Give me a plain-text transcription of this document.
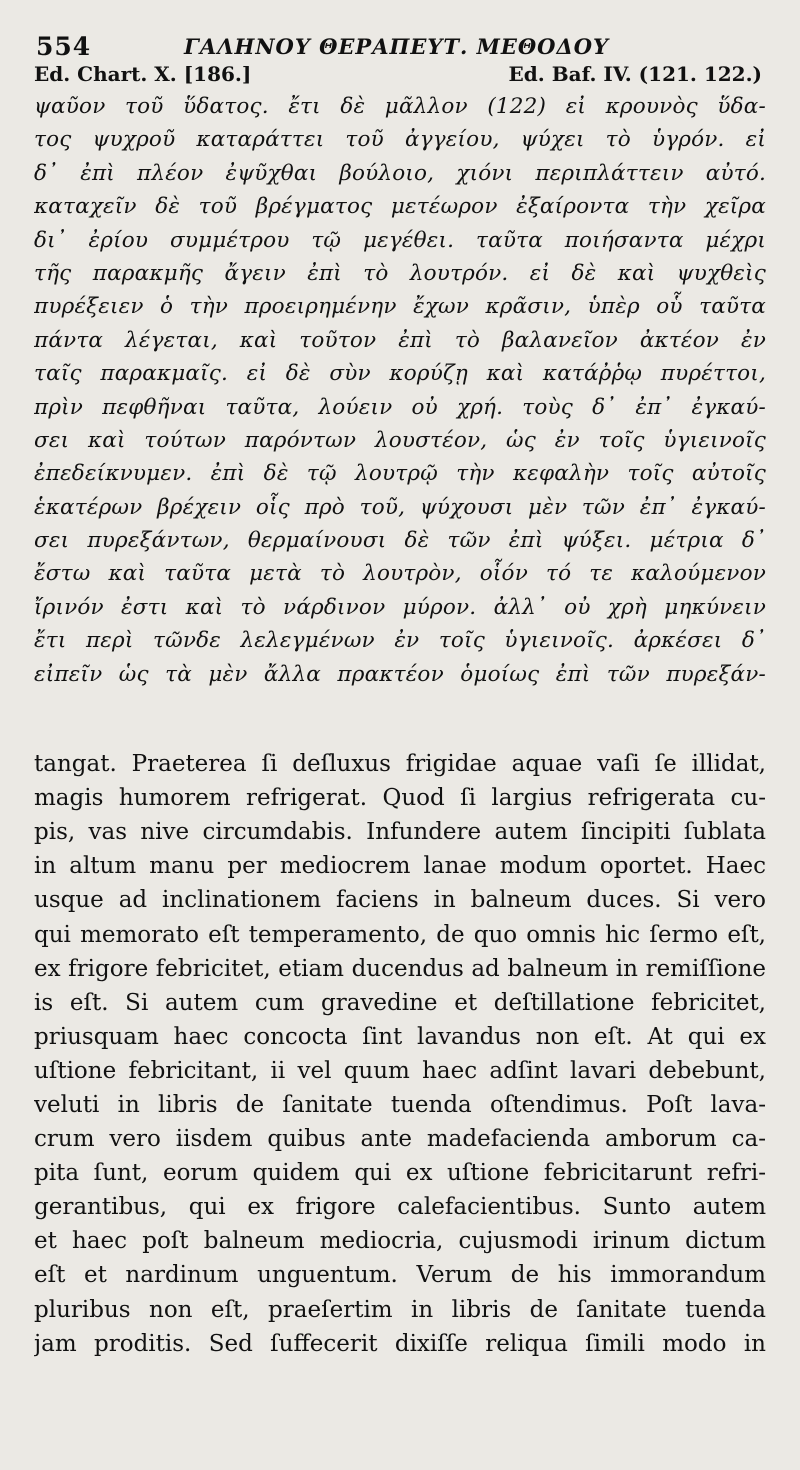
554	ΓΑΛΗΝΟΥ ΘΕΡΑΠΕΥΤ. ΜΕΘΟΔΟΥ
Ed. Chart. X. [186.]	Ed. Baf. IV. (121. 122.)
ψαῦον τοῦ ὕδατος. ἔτι δὲ μᾶλλον (122) εἰ κρουνὸς ὕδα-
τος ψυχροῦ καταράττει τοῦ ἀγγείου, ψύχει τὸ ὑγρόν. εἰ
δ᾿ ἐπὶ πλέον ἐψῦχθαι βούλοιο, χιόνι περιπλάττειν αὐτό.
καταχεῖν δὲ τοῦ βρέγματος μετέωρον ἐξαίροντα τὴν χεῖρα
δι᾿ ἐρίου συμμέτρου τῷ μεγέθει. ταῦτα ποιήσαντα μέχρι
τῆς παρακμῆς ἄγειν ἐπὶ τὸ λουτρόν. εἰ δὲ καὶ ψυχθεὶς
πυρέξειεν ὁ τὴν προειρημένην ἔχων κρᾶσιν, ὑπὲρ οὗ ταῦτα
πάντα λέγεται, καὶ τοῦτον ἐπὶ τὸ βαλανεῖον ἀκτέον ἐν
ταῖς παρακμαῖς. εἰ δὲ σὺν κορύζῃ καὶ κατάῤῥῳ πυρέττοι,
πρὶν πεφθῆναι ταῦτα, λούειν οὐ χρή. τοὺς δ᾿ ἐπ᾿ ἐγκαύ-
σει καὶ τούτων παρόντων λουστέον, ὡς ἐν τοῖς ὑγιεινοῖς
ἐπεδείκνυμεν. ἐπὶ δὲ τῷ λουτρῷ τὴν κεφαλὴν τοῖς αὐτοῖς
ἑκατέρων βρέχειν οἷς πρὸ τοῦ, ψύχουσι μὲν τῶν ἐπ᾿ ἐγκαύ-
σει πυρεξάντων, θερμαίνουσι δὲ τῶν ἐπὶ ψύξει. μέτρια δ᾿
ἔστω καὶ ταῦτα μετὰ τὸ λουτρὸν, οἷόν τό τε καλούμενον
ἴρινόν ἐστι καὶ τὸ νάρδινον μύρον. ἀλλ᾿ οὐ χρὴ μηκύνειν
ἔτι περὶ τῶνδε λελεγμένων ἐν τοῖς ὑγιεινοῖς. ἀρκέσει δ᾿
εἰπεῖν ὡς τὰ μὲν ἄλλα πρακτέον ὁμοίως ἐπὶ τῶν πυρεξάν-
tangat. Praeterea ſi deſluxus frigidae aquae vaſi ſe illidat,
magis humorem refrigerat. Quod ſi largius refrigerata cu-
pis, vas nive circumdabis. Infundere autem ſincipiti ſublata
in altum manu per mediocrem lanae modum oportet. Haec
usque ad inclinationem faciens in balneum duces. Si vero
qui memorato eſt temperamento, de quo omnis hic ſermo eſt,
ex frigore febricitet, etiam ducendus ad balneum in remiſſione
is eſt. Si autem cum gravedine et deſtillatione febricitet,
priusquam haec concocta ſint lavandus non eſt. At qui ex
uſtione febricitant, ii vel quum haec adſint lavari debebunt,
veluti in libris de ſanitate tuenda oſtendimus. Poſt lava-
crum vero iisdem quibus ante madefacienda amborum ca-
pita ſunt, eorum quidem qui ex uſtione febricitarunt refri-
gerantibus, qui ex frigore calefacientibus. Sunto autem
et haec poſt balneum mediocria, cujusmodi irinum dictum
eſt et nardinum unguentum. Verum de his immorandum
pluribus non eſt, praeſertim in libris de ſanitate tuenda
jam proditis. Sed ſuffecerit dixiſſe reliqua ſimili modo in
